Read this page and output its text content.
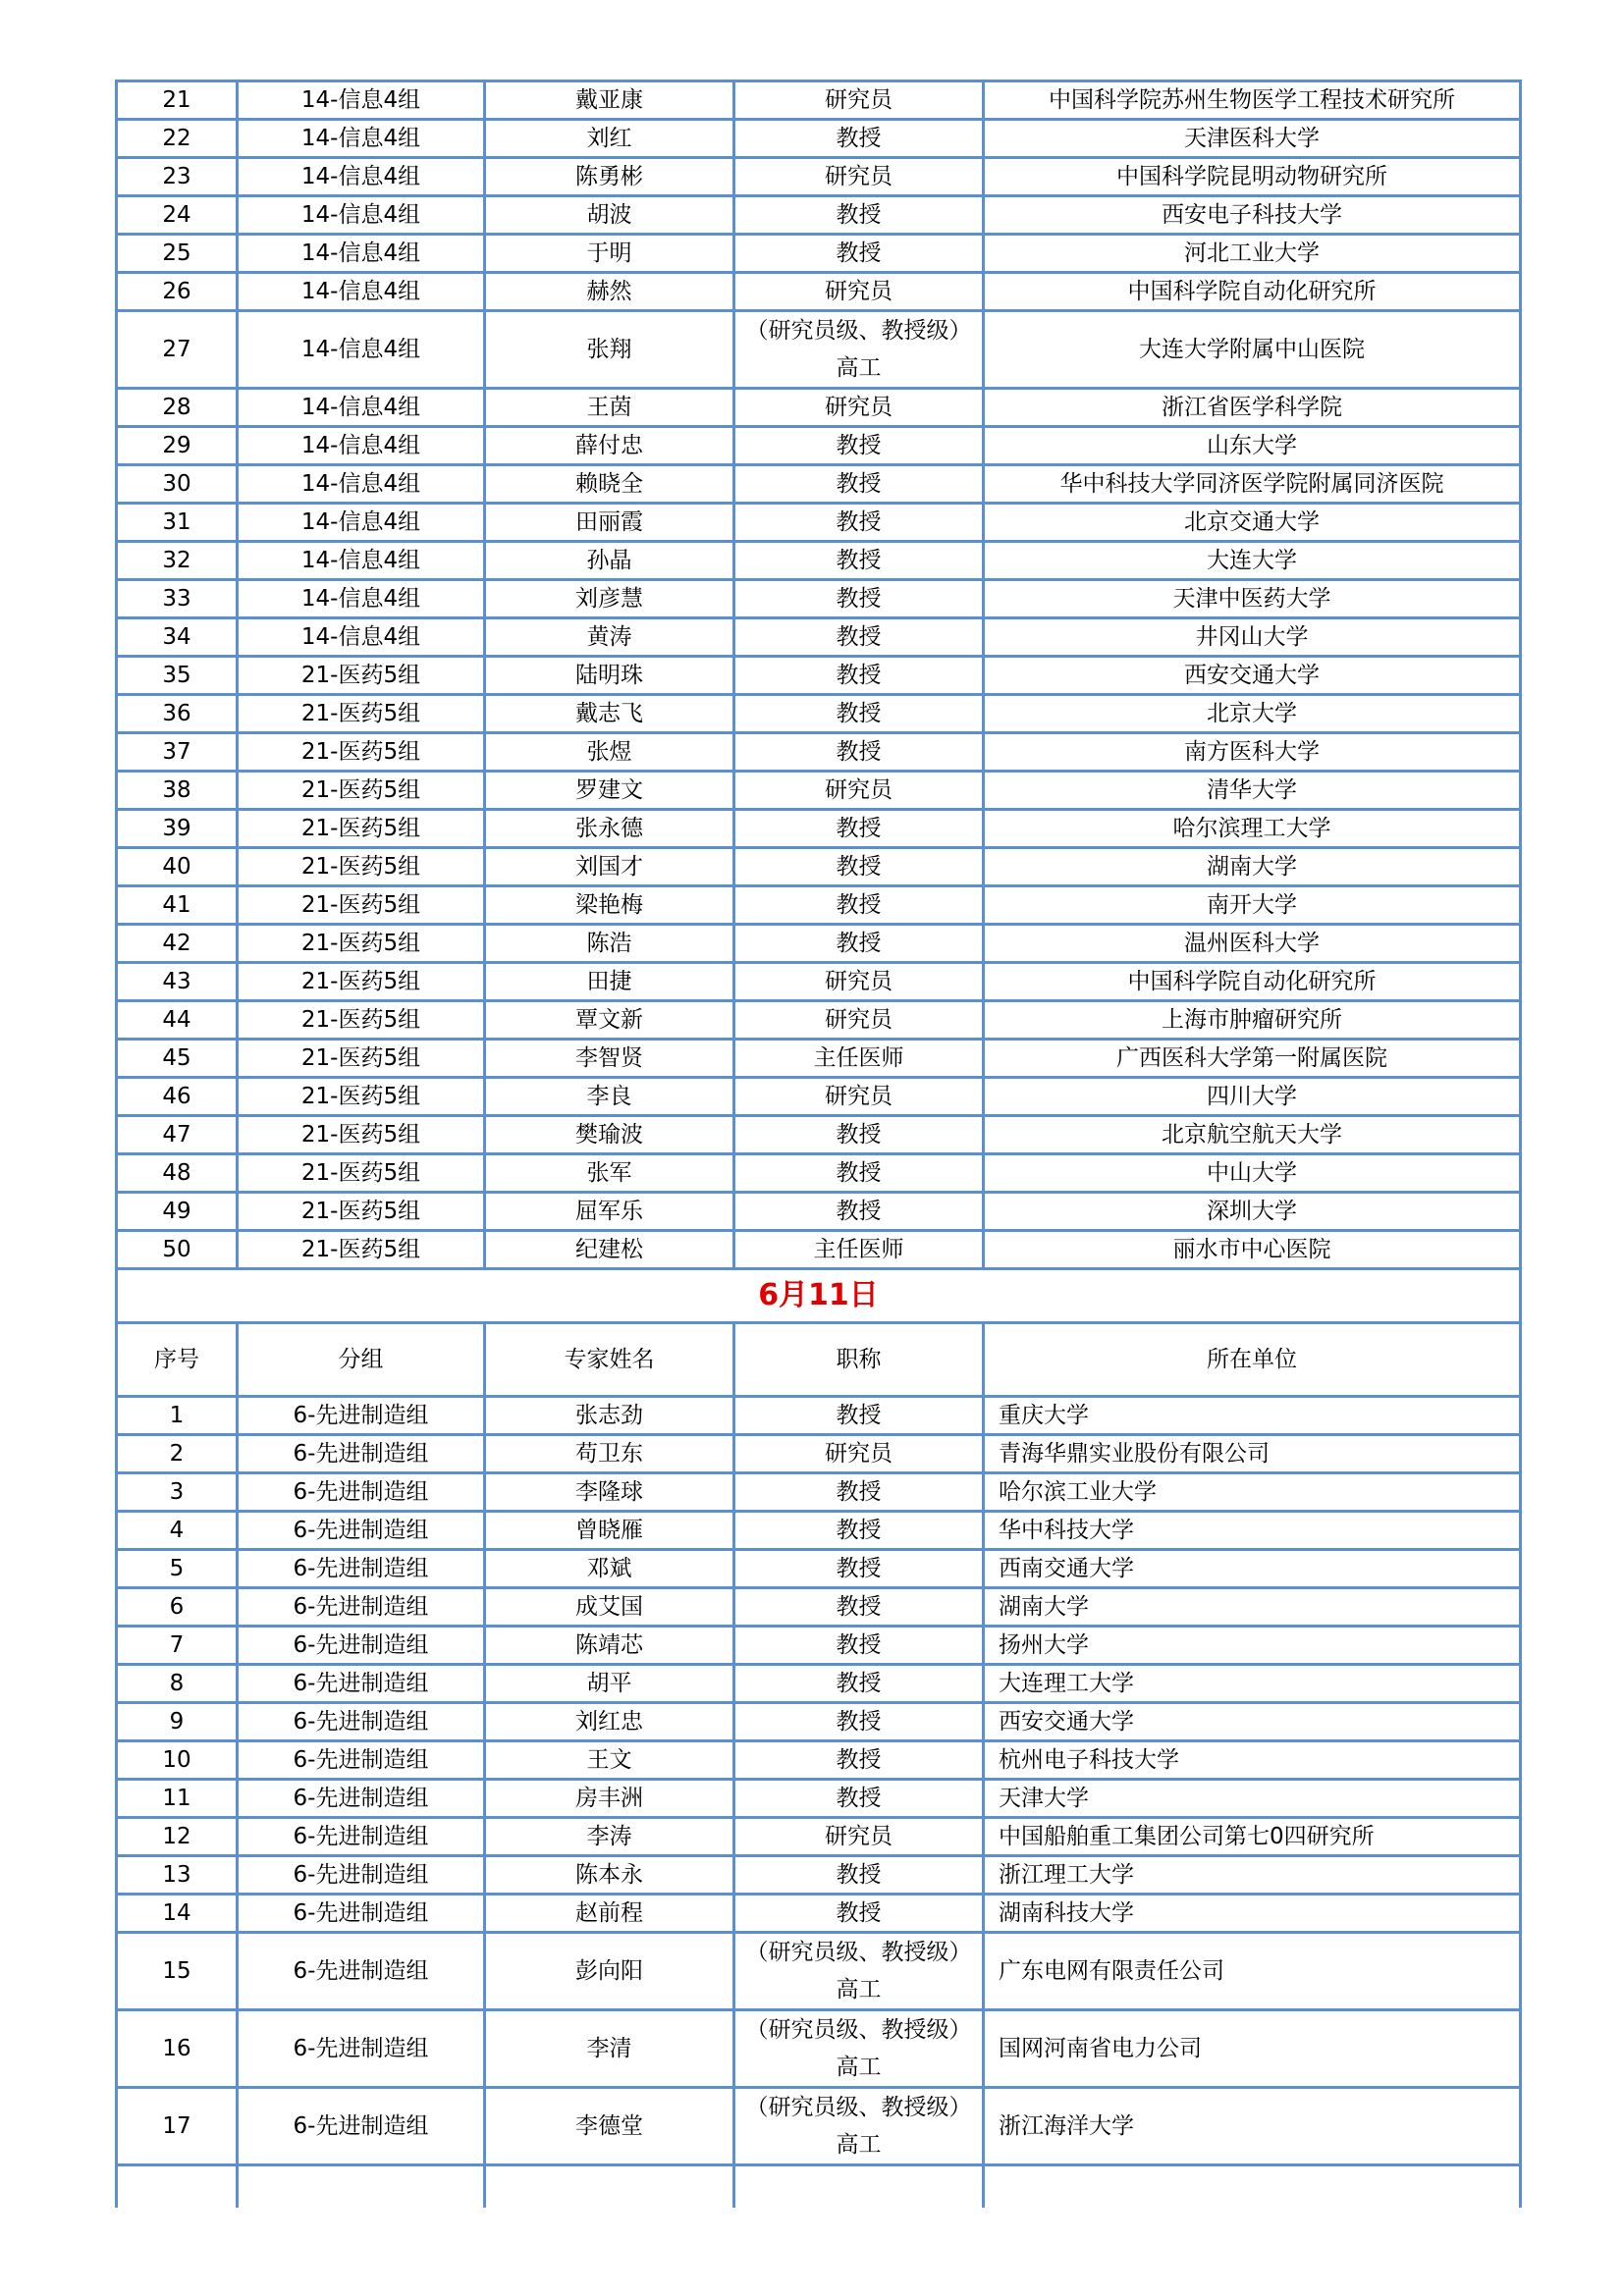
21	14-信息4组	戴亚康	研究员	中国科学院苏州生物医学工程技术研究所
22	14-信息4组	刘红	教授	天津医科大学
23	14-信息4组	陈勇彬	研究员	中国科学院昆明动物研究所
24	14-信息4组	胡波	教授	西安电子科技大学
25	14-信息4组	于明	教授	河北工业大学
26	14-信息4组	赫然	研究员	中国科学院自动化研究所
27	14-信息4组	张翔	（研究员级、教授级）高工	大连大学附属中山医院
28	14-信息4组	王茵	研究员	浙江省医学科学院
29	14-信息4组	薛付忠	教授	山东大学
30	14-信息4组	赖晓全	教授	华中科技大学同济医学院附属同济医院
31	14-信息4组	田丽霞	教授	北京交通大学
32	14-信息4组	孙晶	教授	大连大学
33	14-信息4组	刘彦慧	教授	天津中医药大学
34	14-信息4组	黄涛	教授	井冈山大学
35	21-医药5组	陆明珠	教授	西安交通大学
36	21-医药5组	戴志飞	教授	北京大学
37	21-医药5组	张煜	教授	南方医科大学
38	21-医药5组	罗建文	研究员	清华大学
39	21-医药5组	张永德	教授	哈尔滨理工大学
40	21-医药5组	刘国才	教授	湖南大学
41	21-医药5组	梁艳梅	教授	南开大学
42	21-医药5组	陈浩	教授	温州医科大学
43	21-医药5组	田捷	研究员	中国科学院自动化研究所
44	21-医药5组	覃文新	研究员	上海市肿瘤研究所
45	21-医药5组	李智贤	主任医师	广西医科大学第一附属医院
46	21-医药5组	李良	研究员	四川大学
47	21-医药5组	樊瑜波	教授	北京航空航天大学
48	21-医药5组	张军	教授	中山大学
49	21-医药5组	屈军乐	教授	深圳大学
50	21-医药5组	纪建松	主任医师	丽水市中心医院
6月11日				
序号	分组	专家姓名	职称	所在单位
1	6-先进制造组	张志劲	教授	重庆大学
2	6-先进制造组	苟卫东	研究员	青海华鼎实业股份有限公司
3	6-先进制造组	李隆球	教授	哈尔滨工业大学
4	6-先进制造组	曾晓雁	教授	华中科技大学
5	6-先进制造组	邓斌	教授	西南交通大学
6	6-先进制造组	成艾国	教授	湖南大学
7	6-先进制造组	陈靖芯	教授	扬州大学
8	6-先进制造组	胡平	教授	大连理工大学
9	6-先进制造组	刘红忠	教授	西安交通大学
10	6-先进制造组	王文	教授	杭州电子科技大学
11	6-先进制造组	房丰洲	教授	天津大学
12	6-先进制造组	李涛	研究员	中国船舶重工集团公司第七0四研究所
13	6-先进制造组	陈本永	教授	浙江理工大学
14	6-先进制造组	赵前程	教授	湖南科技大学
15	6-先进制造组	彭向阳	（研究员级、教授级）高工	广东电网有限责任公司
16	6-先进制造组	李清	（研究员级、教授级）高工	国网河南省电力公司
17	6-先进制造组	李德堂	（研究员级、教授级）高工	浙江海洋大学
